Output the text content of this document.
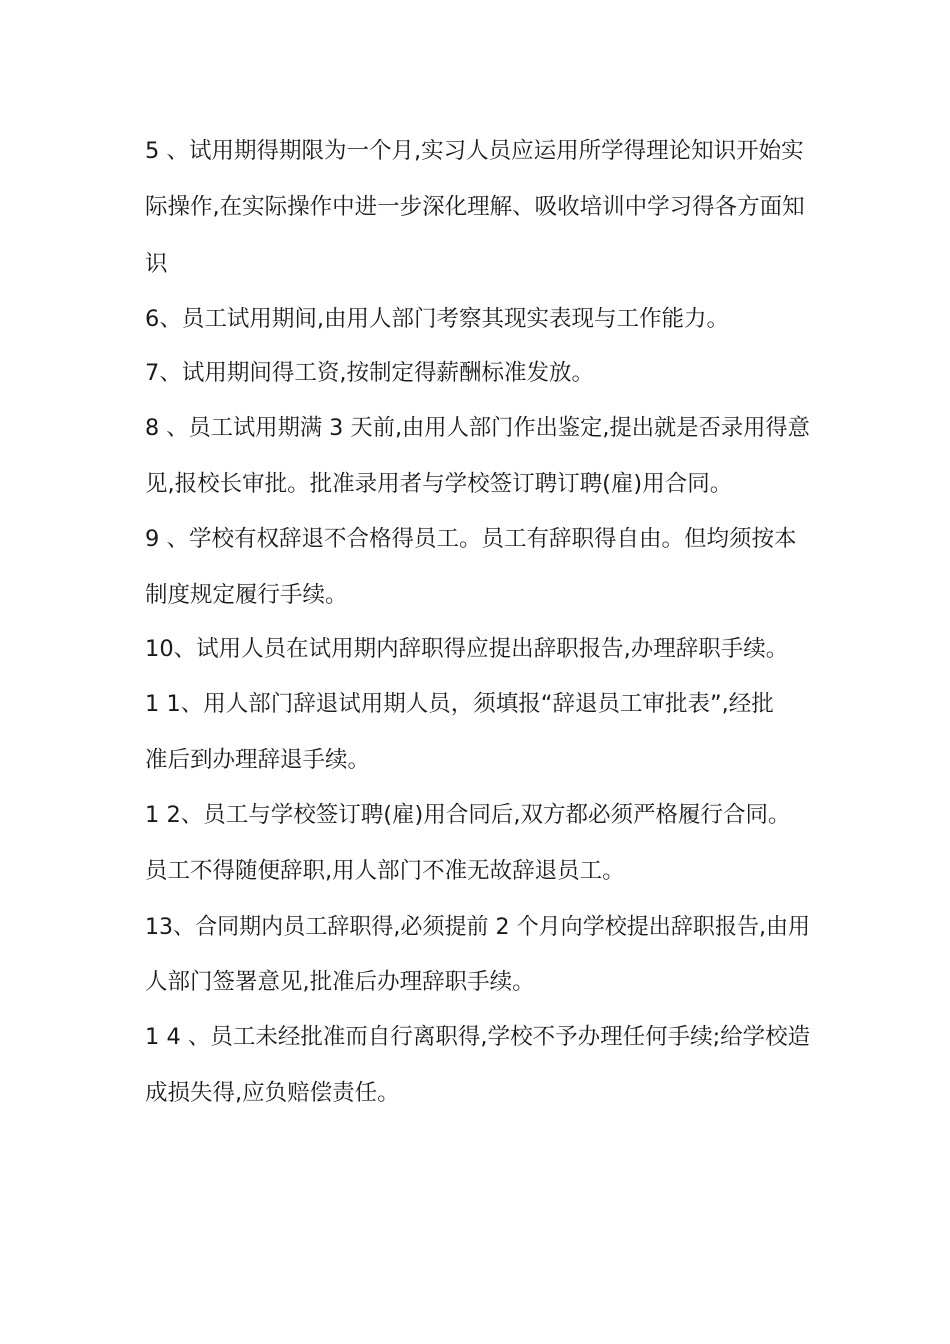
5 、试用期得期限为一个月,实习人员应运用所学得理论知识开始实
际操作,在实际操作中进一步深化理解、吸收培训中学习得各方面知
识
6、员工试用期间,由用人部门考察其现实表现与工作能力。
7、试用期间得工资,按制定得薪酬标准发放。
8 、员工试用期满 3 天前,由用人部门作出鉴定,提出就是否录用得意
见,报校长审批。批准录用者与学校签订聘订聘(雇)用合同。
9 、学校有权辞退不合格得员工。员工有辞职得自由。但均须按本
制度规定履行手续。
10、试用人员在试用期内辞职得应提出辞职报告,办理辞职手续。
1 1、用人部门辞退试用期人员，须填报“辞退员工审批表”,经批
准后到办理辞退手续。
1 2、员工与学校签订聘(雇)用合同后,双方都必须严格履行合同。
员工不得随便辞职,用人部门不准无故辞退员工。
13、合同期内员工辞职得,必须提前 2 个月向学校提出辞职报告,由用
人部门签署意见,批准后办理辞职手续。
1 4 、员工未经批准而自行离职得,学校不予办理任何手续;给学校造
成损失得,应负赔偿责任。
